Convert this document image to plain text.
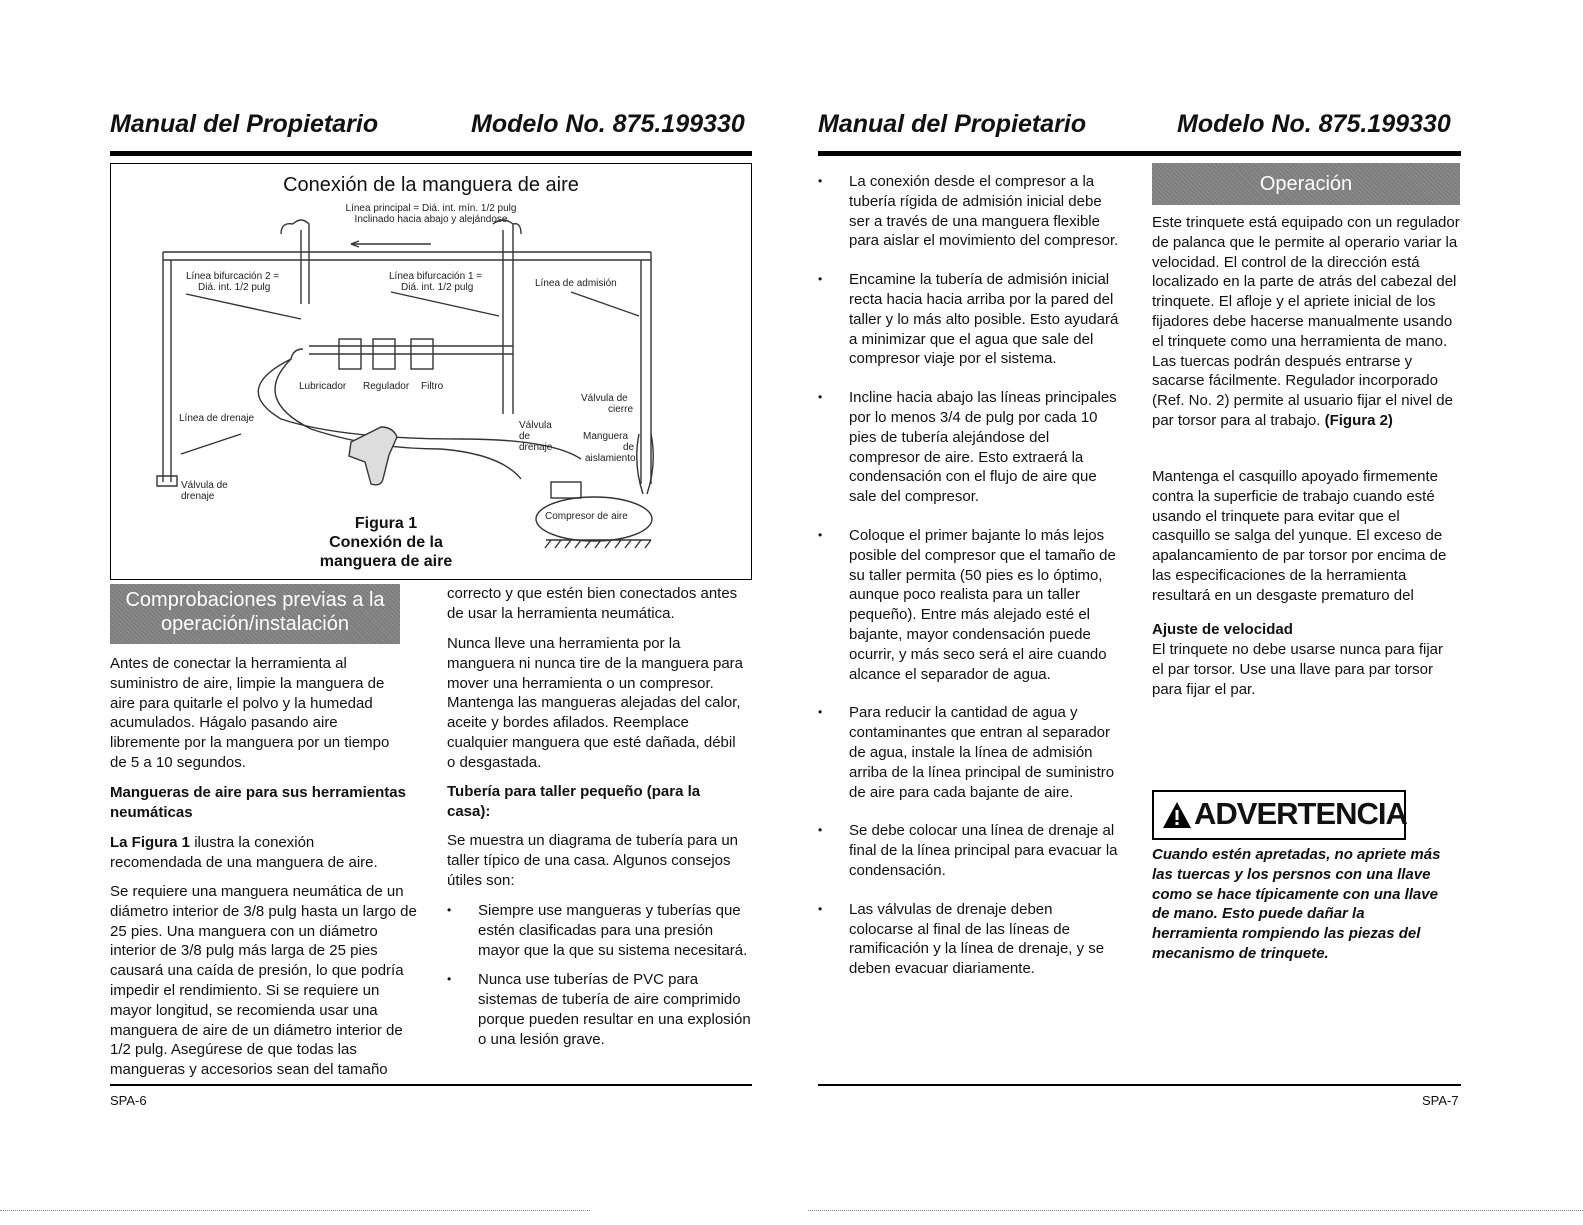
Manual del Propietario	Modelo No. 875.199330	Manual del Propietario	Modelo No. 875.199330
Conexión de la manguera de aire
Línea principal = Diá. int. mín. 1/2 pulg
Inclinado hacia abajo y alejándose
Línea bifurcación 2 =
Diá. int. 1/2 pulg
Línea bifurcación 1 =
Diá. int. 1/2 pulg	Línea de admisión
Lubricador Regulador Filtro
Línea de drenaje
Válvula de
cierre
Válvula
de
drenaje
Manguera
de
aislamiento
Válvula de
drenaje
Compresor de aire
Figura 1
Conexión de la
manguera de aire
Comprobaciones previas a la
operación/instalación

Antes de conectar la herramienta al suministro de aire, limpie la manguera de aire para quitarle el polvo y la humedad acumulados. Hágalo pasando aire libremente por la manguera por un tiempo de 5 a 10 segundos.

Mangueras de aire para sus herramientas neumáticas

La Figura 1 ilustra la conexión recomendada de una manguera de aire.

Se requiere una manguera neumática de un diámetro interior de 3/8 pulg hasta un largo de 25 pies. Una manguera con un diámetro interior de 3/8 pulg más larga de 25 pies causará una caída de presión, lo que podría impedir el rendimiento. Si se requiere un mayor longitud, se recomienda usar una manguera de aire de un diámetro interior de 1/2 pulg. Asegúrese de que todas las mangueras y accesorios sean del tamaño

correcto y que estén bien conectados antes de usar la herramienta neumática.

Nunca lleve una herramienta por la manguera ni nunca tire de la manguera para mover una herramienta o un compresor. Mantenga las mangueras alejadas del calor, aceite y bordes afilados. Reemplace cualquier manguera que esté dañada, débil o desgastada.

Tubería para taller pequeño (para la casa):

Se muestra un diagrama de tubería para un taller típico de una casa. Algunos consejos útiles son:

• Siempre use mangueras y tuberías que estén clasificadas para una presión mayor que la que su sistema necesitará.
• Nunca use tuberías de PVC para sistemas de tubería de aire comprimido porque pueden resultar en una explosión o una lesión grave.
SPA-6
• La conexión desde el compresor a la tubería rígida de admisión inicial debe ser a través de una manguera flexible para aislar el movimiento del compresor.
• Encamine la tubería de admisión inicial recta hacia hacia arriba por la pared del taller y lo más alto posible. Esto ayudará a minimizar que el agua que sale del compresor viaje por el sistema.
• Incline hacia abajo las líneas principales por lo menos 3/4 de pulg por cada 10 pies de tubería alejándose del compresor de aire. Esto extraerá la condensación con el flujo de aire que sale del compresor.
• Coloque el primer bajante lo más lejos posible del compresor que el tamaño de su taller permita (50 pies es lo óptimo, aunque poco realista para un taller pequeño). Entre más alejado esté el bajante, mayor condensación puede ocurrir, y más seco será el aire cuando alcance el separador de agua.
• Para reducir la cantidad de agua y contaminantes que entran al separador de agua, instale la línea de admisión arriba de la línea principal de suministro de aire para cada bajante de aire.
• Se debe colocar una línea de drenaje al final de la línea principal para evacuar la condensación.
• Las válvulas de drenaje deben colocarse al final de las líneas de ramificación y la línea de drenaje, y se deben evacuar diariamente.
Operación

Este trinquete está equipado con un regulador de palanca que le permite al operario variar la velocidad. El control de la dirección está localizado en la parte de atrás del cabezal del trinquete. El afloje y el apriete inicial de los fijadores debe hacerse manualmente usando el trinquete como una herramienta de mano. Las tuercas podrán después entrarse y sacarse fácilmente. Regulador incorporado (Ref. No. 2) permite al usuario fijar el nivel de par torsor para al trabajo. (Figura 2)

Mantenga el casquillo apoyado firmemente contra la superficie de trabajo cuando esté usando el trinquete para evitar que el casquillo se salga del yunque. El exceso de apalancamiento de par torsor por encima de las especificaciones de la herramienta resultará en un desgaste prematuro del

Ajuste de velocidad

El trinquete no debe usarse nunca para fijar el par torsor. Use una llave para par torsor para fijar el par.

ADVERTENCIA

Cuando estén apretadas, no apriete más las tuercas y los persnos con una llave como se hace típicamente con una llave de mano. Esto puede dañar la herramienta rompiendo las piezas del mecanismo de trinquete.

SPA-7
